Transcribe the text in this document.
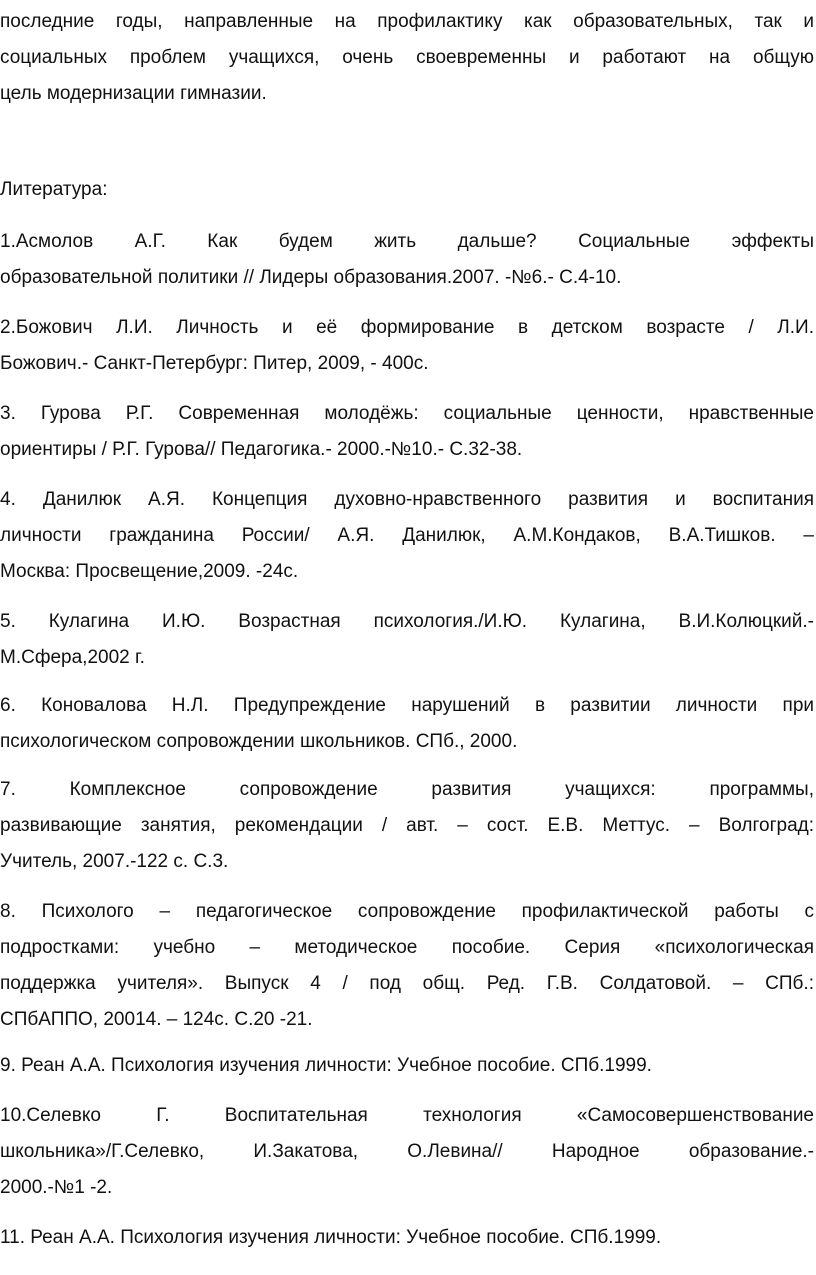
последние годы, направленные на профилактику как образовательных, так и

социальных проблем учащихся, очень своевременны и работают на общую

цель модернизации гимназии.

Литература:

1.Асмолов А.Г. Как будем жить дальше? Социальные эффекты

образовательной политики // Лидеры образования.2007. -№6.- С.4-10.

2.Божович Л.И. Личность и её формирование в детском возрасте / Л.И.

Божович.- Санкт-Петербург: Питер, 2009, - 400с.

3. Гурова Р.Г. Современная молодёжь: социальные ценности, нравственные

ориентиры / Р.Г. Гурова// Педагогика.- 2000.-№10.- С.32-38.

4. Данилюк А.Я. Концепция духовно-нравственного развития и воспитания

личности гражданина России/ А.Я. Данилюк, А.М.Кондаков, В.А.Тишков. –

Москва: Просвещение,2009. -24с.

5. Кулагина И.Ю. Возрастная психология./И.Ю. Кулагина, В.И.Колюцкий.-

М.Сфера,2002 г.

6. Коновалова Н.Л. Предупреждение нарушений в развитии личности при

психологическом сопровождении школьников. СПб., 2000.

7. Комплексное сопровождение развития учащихся: программы,

развивающие занятия, рекомендации / авт. – сост. Е.В. Меттус. – Волгоград:

Учитель, 2007.-122 с. С.3.

8. Психолого – педагогическое сопровождение профилактической работы с

подростками: учебно – методическое пособие. Серия «психологическая

поддержка учителя». Выпуск 4 / под общ. Ред. Г.В. Солдатовой. – СПб.:

СПбАППО, 20014. – 124с. С.20 -21.

9. Реан А.А. Психология изучения личности: Учебное пособие. СПб.1999.

10.Селевко Г. Воспитательная технология «Самосовершенствование

школьника»/Г.Селевко, И.Закатова, О.Левина// Народное образование.-

2000.-№1 -2.

11. Реан А.А. Психология изучения личности: Учебное пособие. СПб.1999.
